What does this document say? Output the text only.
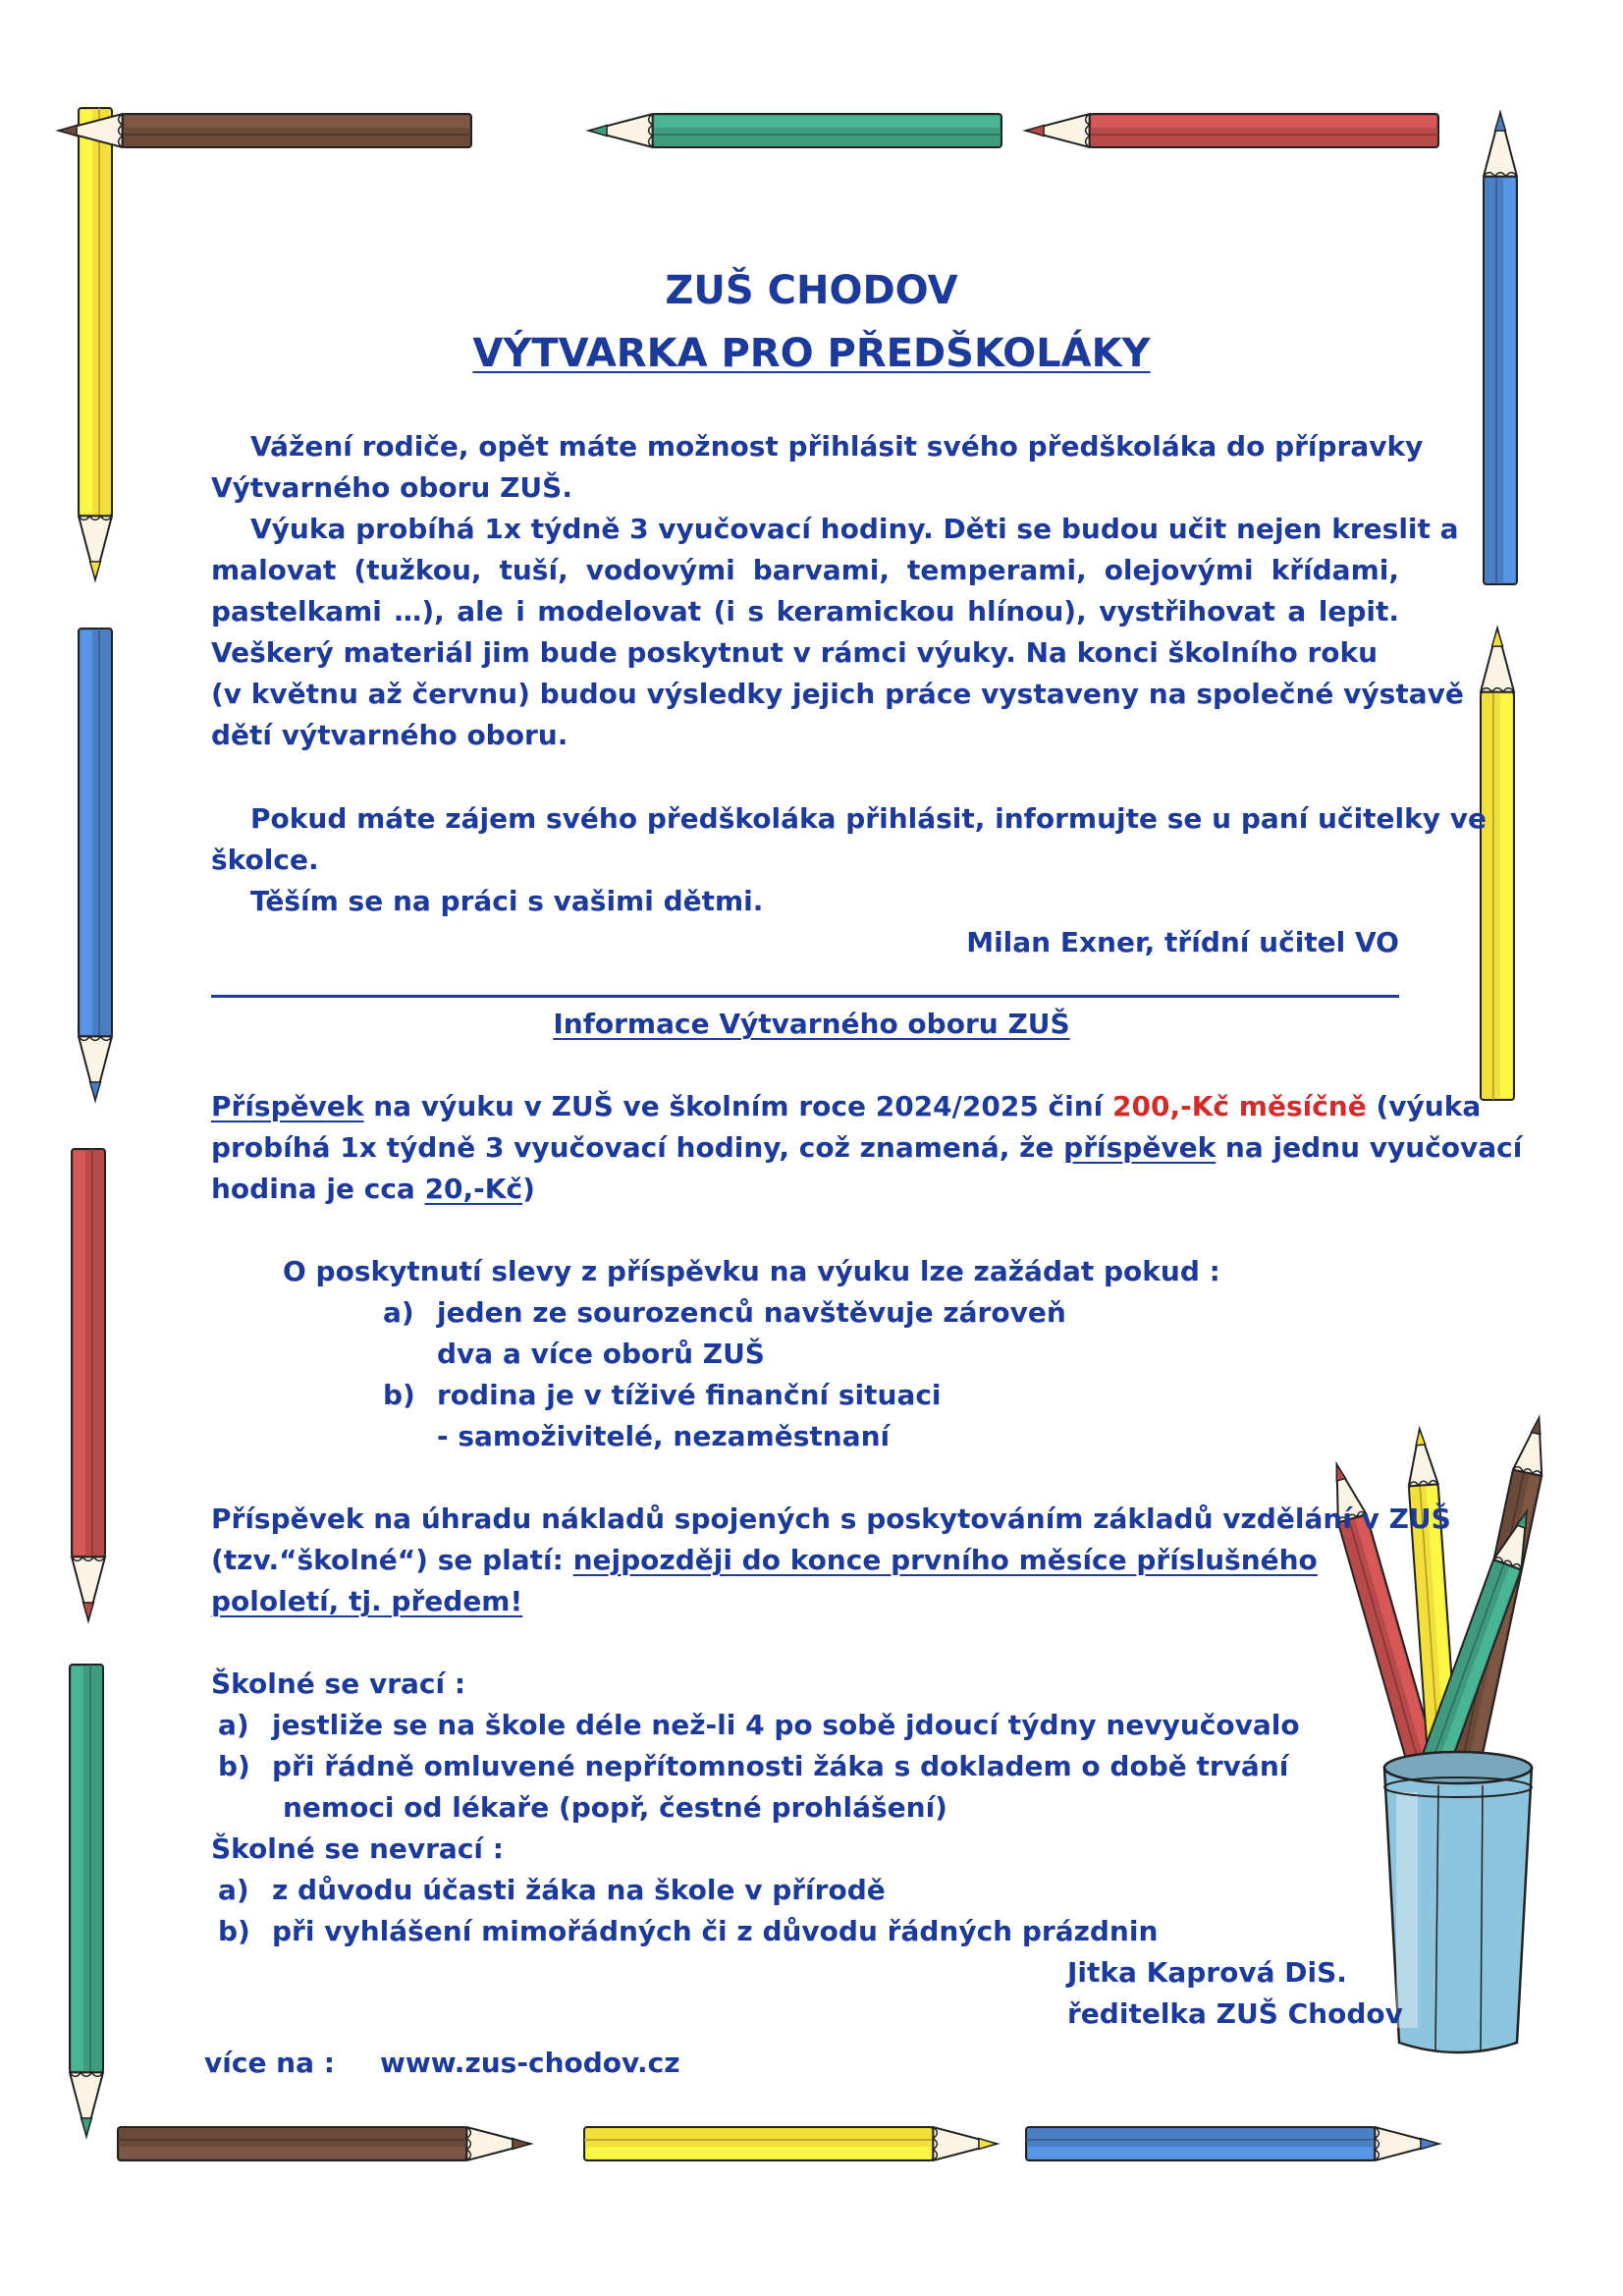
ZUŠ CHODOV
VÝTVARKA PRO PŘEDŠKOLÁKY
Vážení rodiče, opět máte možnost přihlásit svého předškoláka do přípravky
Výtvarného oboru ZUŠ.
Výuka probíhá 1x týdně 3 vyučovací hodiny. Děti se budou učit nejen kreslit a
malovat (tužkou, tuší, vodovými barvami, temperami, olejovými křídami,
pastelkami …), ale i modelovat (i s keramickou hlínou), vystřihovat a lepit.
Veškerý materiál jim bude poskytnut v rámci výuky. Na konci školního roku
(v květnu až červnu) budou výsledky jejich práce vystaveny na společné výstavě
dětí výtvarného oboru.
Pokud máte zájem svého předškoláka přihlásit, informujte se u paní učitelky ve
školce.
Těším se na práci s vašimi dětmi.
Milan Exner, třídní učitel VO
Informace Výtvarného oboru ZUŠ
Příspěvek na výuku v ZUŠ ve školním roce 2024/2025 činí 200,-Kč měsíčně (výuka
probíhá 1x týdně 3 vyučovací hodiny, což znamená, že příspěvek na jednu vyučovací
hodina je cca 20,-Kč)
O poskytnutí slevy z příspěvku na výuku lze zažádat pokud :
a) jeden ze sourozenců navštěvuje zároveň
dva a více oborů ZUŠ
b) rodina je v tíživé finanční situaci
- samoživitelé, nezaměstnaní
Příspěvek na úhradu nákladů spojených s poskytováním základů vzdělání v ZUŠ
(tzv.“školné“) se platí: nejpozději do konce prvního měsíce příslušného
pololetí, tj. předem!
Školné se vrací :
a) jestliže se na škole déle než-li 4 po sobě jdoucí týdny nevyučovalo
b) při řádně omluvené nepřítomnosti žáka s dokladem o době trvání
nemoci od lékaře (popř, čestné prohlášení)
Školné se nevrací :
a) z důvodu účasti žáka na škole v přírodě
b) při vyhlášení mimořádných či z důvodu řádných prázdnin
Jitka Kaprová DiS.
ředitelka ZUŠ Chodov
více na : www.zus-chodov.cz
